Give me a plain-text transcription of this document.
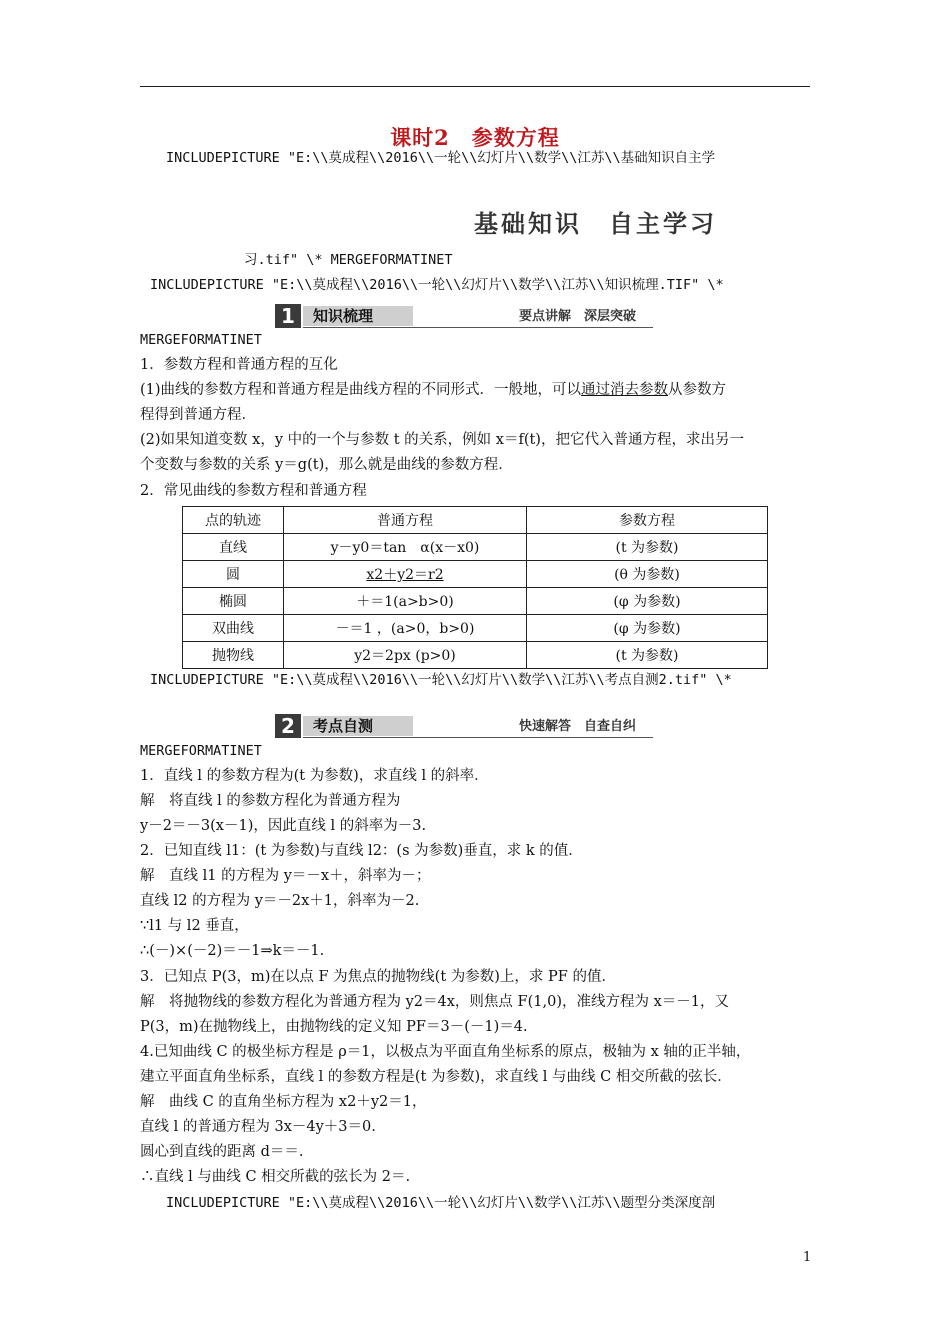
课时2　参数方程
INCLUDEPICTURE "E:\\莫成程\\2016\\一轮\\幻灯片\\数学\\江苏\\基础知识自主学
基础知识　自主学习
习.tif" \* MERGEFORMATINET
INCLUDEPICTURE "E:\\莫成程\\2016\\一轮\\幻灯片\\数学\\江苏\\知识梳理.TIF" \*
1	知识梳理	要点讲解　深层突破
MERGEFORMATINET
1．参数方程和普通方程的互化
(1)曲线的参数方程和普通方程是曲线方程的不同形式．一般地，可以通过消去参数从参数方
程得到普通方程．
(2)如果知道变数 x，y 中的一个与参数 t 的关系，例如 x＝f(t)，把它代入普通方程，求出另一
个变数与参数的关系 y＝g(t)，那么就是曲线的参数方程．
2．常见曲线的参数方程和普通方程
点的轨迹	普通方程	参数方程
直线	y－y0＝tan　α(x－x0)	(t 为参数)
圆	x2＋y2＝r2	(θ 为参数)
椭圆	＋＝1(a>b>0)	(φ 为参数)
双曲线	－＝1 ，(a>0，b>0)	(φ 为参数)
抛物线	y2＝2px (p>0)	(t 为参数)
INCLUDEPICTURE "E:\\莫成程\\2016\\一轮\\幻灯片\\数学\\江苏\\考点自测2.tif" \*
2	考点自测	快速解答　自查自纠
MERGEFORMATINET
1．直线 l 的参数方程为(t 为参数)，求直线 l 的斜率．
解　将直线 l 的参数方程化为普通方程为
y－2＝－3(x－1)，因此直线 l 的斜率为－3.
2．已知直线 l1：(t 为参数)与直线 l2：(s 为参数)垂直，求 k 的值．
解　直线 l1 的方程为 y＝－x＋，斜率为－；
直线 l2 的方程为 y＝－2x＋1，斜率为－2.
∵l1 与 l2 垂直，
∴(－)×(－2)＝－1⇒k＝－1.
3．已知点 P(3，m)在以点 F 为焦点的抛物线(t 为参数)上，求 PF 的值．
解　将抛物线的参数方程化为普通方程为 y2＝4x，则焦点 F(1,0)，准线方程为 x＝－1，又
P(3，m)在抛物线上，由抛物线的定义知 PF＝3－(－1)＝4.
4.已知曲线 C 的极坐标方程是 ρ＝1，以极点为平面直角坐标系的原点，极轴为 x 轴的正半轴，
建立平面直角坐标系，直线 l 的参数方程是(t 为参数)，求直线 l 与曲线 C 相交所截的弦长．
解　曲线 C 的直角坐标方程为 x2＋y2＝1，
直线 l 的普通方程为 3x－4y＋3＝0.
圆心到直线的距离 d＝＝.
∴直线 l 与曲线 C 相交所截的弦长为 2＝.
INCLUDEPICTURE "E:\\莫成程\\2016\\一轮\\幻灯片\\数学\\江苏\\题型分类深度剖
1
